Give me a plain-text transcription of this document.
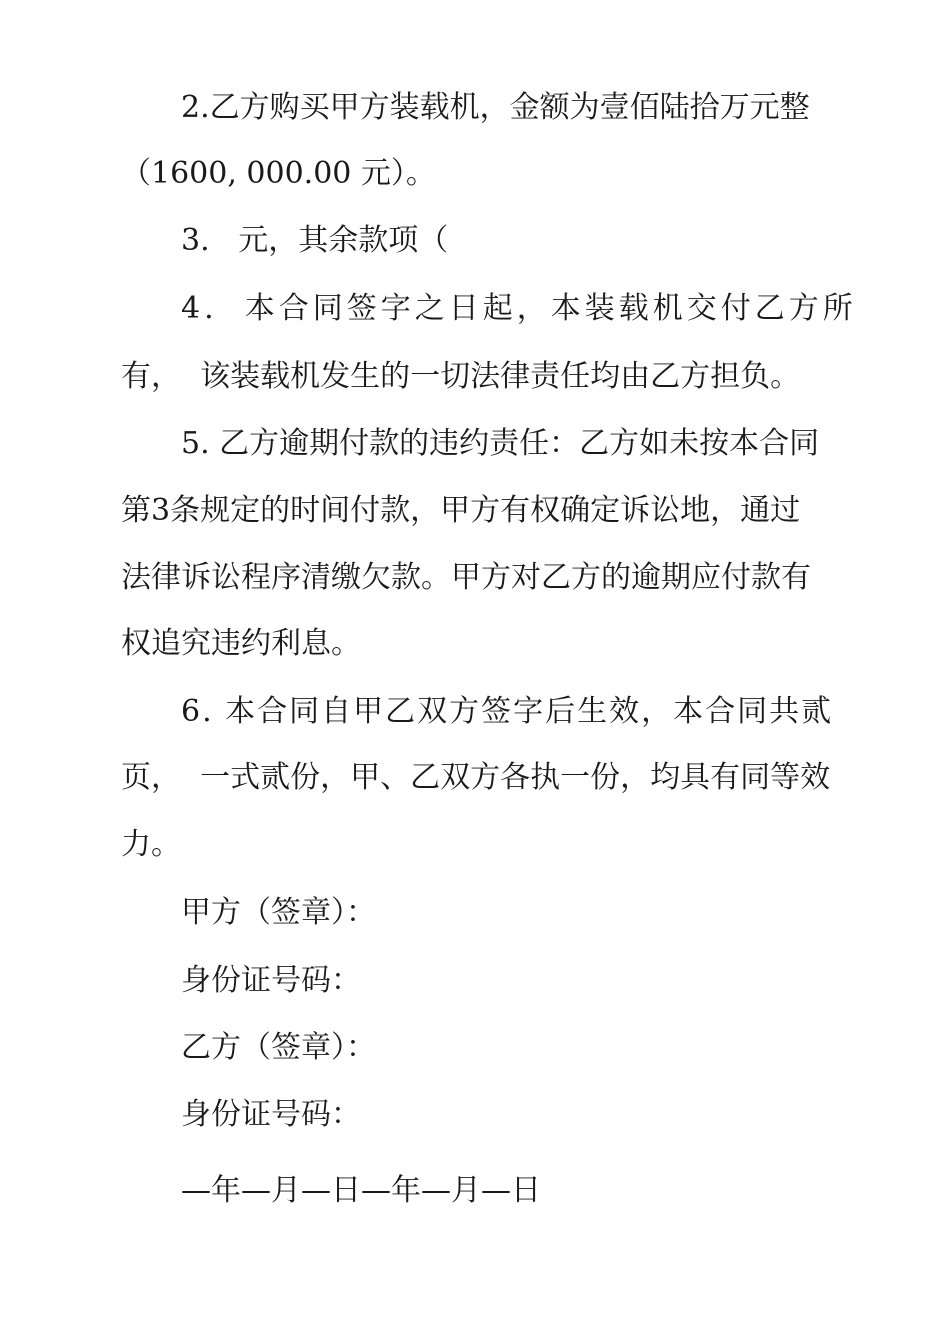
2.乙方购买甲方装载机，金额为壹佰陆拾万元整
（1600, 000.00 元）。
3.   元，其余款项（
4.  本合同签字之日起，本装载机交付乙方所
有，  该装载机发生的一切法律责任均由乙方担负。
5. 乙方逾期付款的违约责任：乙方如未按本合同
第3条规定的时间付款，甲方有权确定诉讼地，通过
法律诉讼程序清缴欠款。甲方对乙方的逾期应付款有
权追究违约利息。
6. 本合同自甲乙双方签字后生效，本合同共贰
页，  一式贰份，甲、乙双方各执一份，均具有同等效
力。
甲方（签章）：
身份证号码：
乙方（签章）：
身份证号码：
—年—月—日—年—月—日
